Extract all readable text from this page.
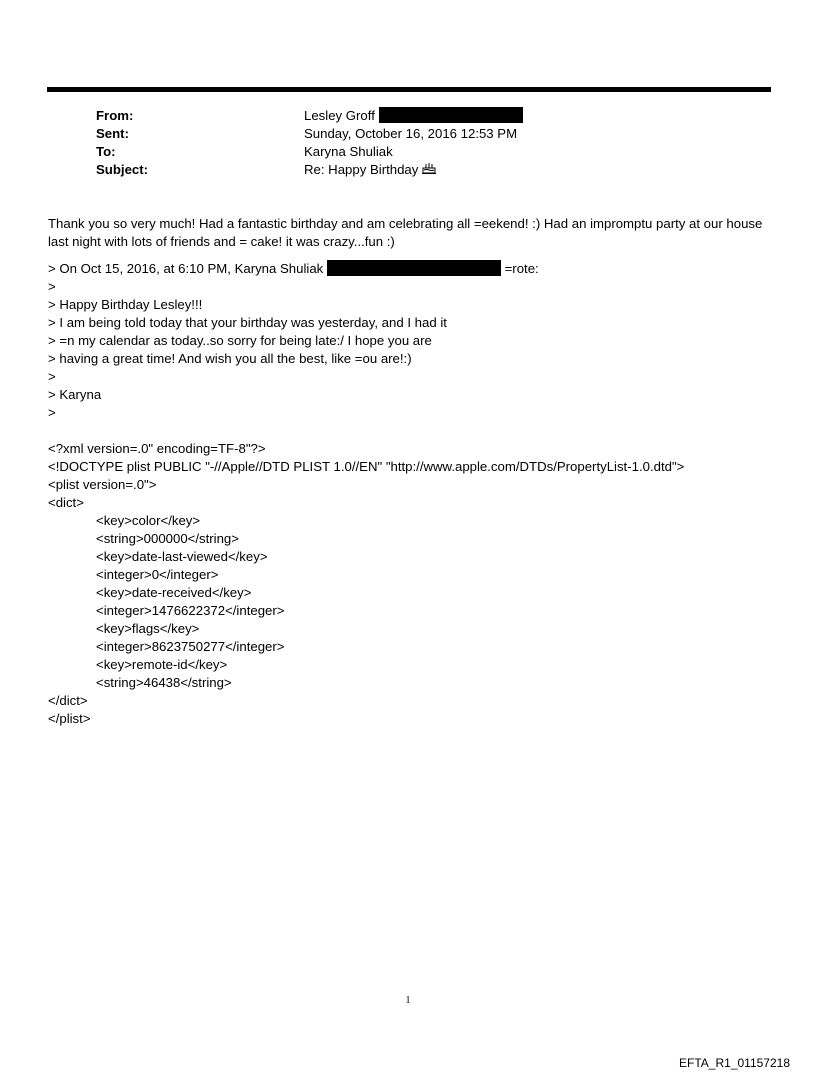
From:	Lesley Groff
Sent:	Sunday, October 16, 2016 12:53 PM
To:	Karyna Shuliak
Subject:	Re: Happy Birthday
Thank you so very much! Had a fantastic birthday and am celebrating all =eekend! :) Had an impromptu party at our house last night with lots of friends and = cake! it was crazy...fun :)
> On Oct 15, 2016, at 6:10 PM, Karyna Shuliak	=rote:
>
> Happy Birthday Lesley!!!
> I am being told today that your birthday was yesterday, and I had it
> =n my calendar as today..so sorry for being late:/ I hope you are
> having a great time! And wish you all the best, like =ou are!:)
>
> Karyna
>
<?xml version=.0" encoding=TF-8"?>
<!DOCTYPE plist PUBLIC "-//Apple//DTD PLIST 1.0//EN" "http://www.apple.com/DTDs/PropertyList-1.0.dtd">
<plist version=.0">
<dict>
<key>color</key>
<string>000000</string>
<key>date-last-viewed</key>
<integer>0</integer>
<key>date-received</key>
<integer>1476622372</integer>
<key>flags</key>
<integer>8623750277</integer>
<key>remote-id</key>
<string>46438</string>
</dict>
</plist>
1
EFTA_R1_01157218
